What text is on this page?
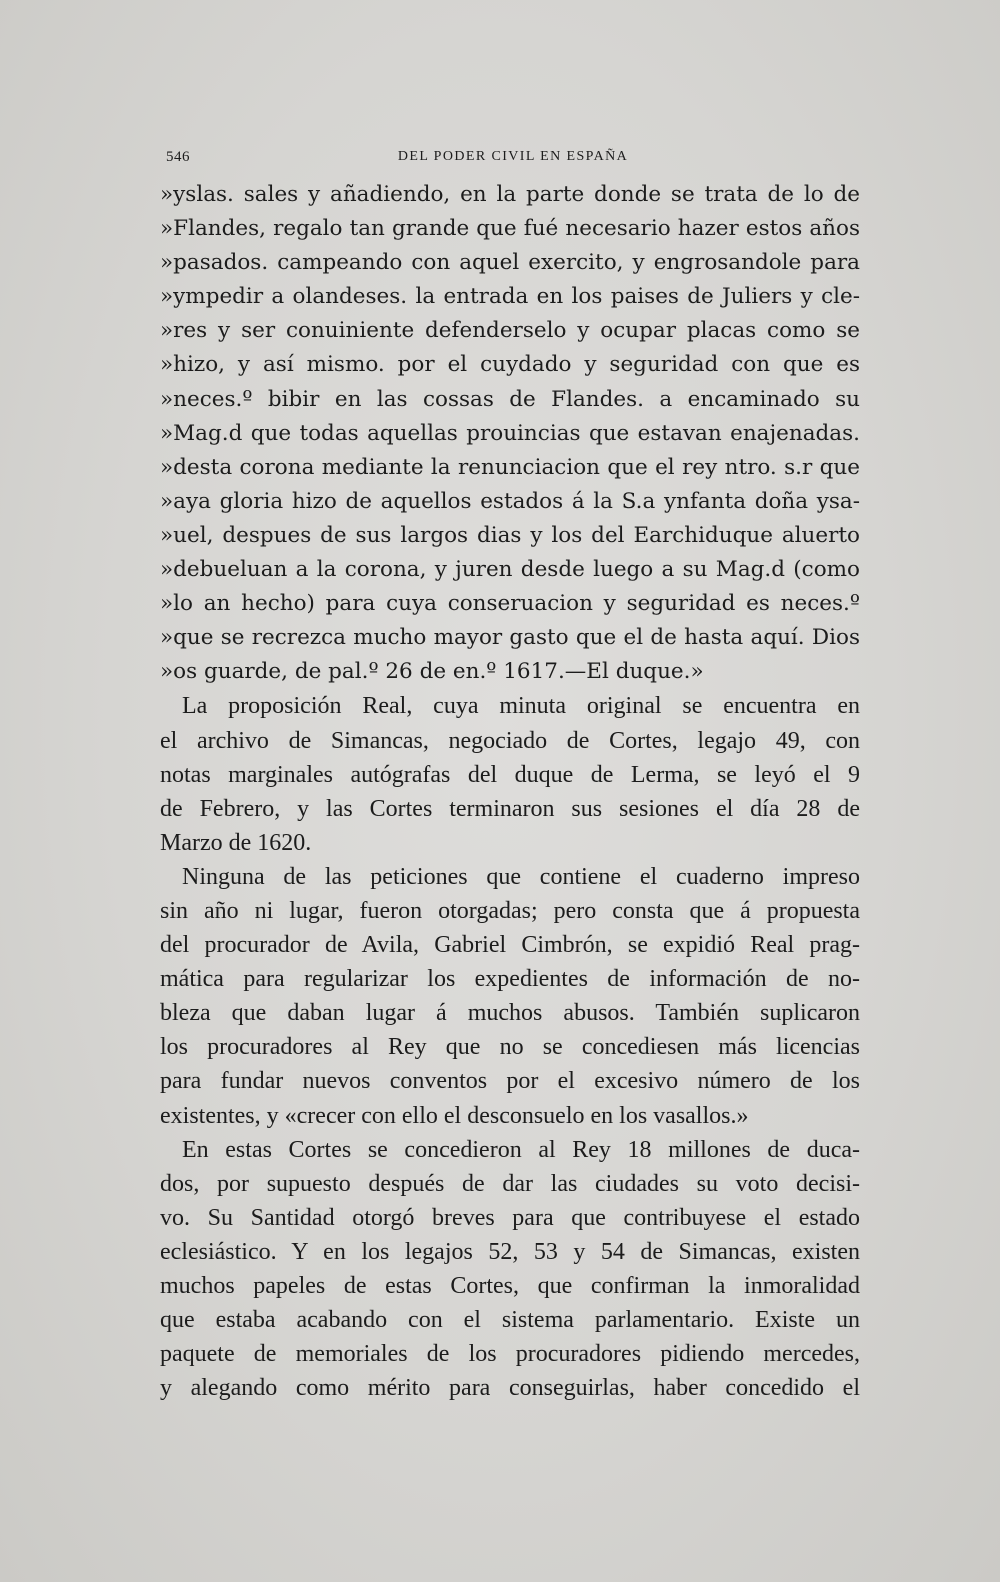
546	DEL PODER CIVIL EN ESPAÑA
»yslas. sales y añadiendo, en la parte donde se trata de lo de
»Flandes, regalo tan grande que fué necesario hazer estos años
»pasados. campeando con aquel exercito, y engrosandole para
»ympedir a olandeses. la entrada en los paises de Juliers y cle-
»res y ser conuiniente defenderselo y ocupar placas como se
»hizo, y así mismo. por el cuydado y seguridad con que es
»neces.º bibir en las cossas de Flandes. a encaminado su
»Mag.d que todas aquellas prouincias que estavan enajenadas.
»desta corona mediante la renunciacion que el rey ntro. s.r que
»aya gloria hizo de aquellos estados á la S.a ynfanta doña ysa-
»uel, despues de sus largos dias y los del Earchiduque aluerto
»debueluan a la corona, y juren desde luego a su Mag.d (como
»lo an hecho) para cuya conseruacion y seguridad es neces.º
»que se recrezca mucho mayor gasto que el de hasta aquí. Dios
»os guarde, de pal.º 26 de en.º 1617.—El duque.»
La proposición Real, cuya minuta original se encuentra en
el archivo de Simancas, negociado de Cortes, legajo 49, con
notas marginales autógrafas del duque de Lerma, se leyó el 9
de Febrero, y las Cortes terminaron sus sesiones el día 28 de
Marzo de 1620.
Ninguna de las peticiones que contiene el cuaderno impreso
sin año ni lugar, fueron otorgadas; pero consta que á propuesta
del procurador de Avila, Gabriel Cimbrón, se expidió Real prag-
mática para regularizar los expedientes de información de no-
bleza que daban lugar á muchos abusos. También suplicaron
los procuradores al Rey que no se concediesen más licencias
para fundar nuevos conventos por el excesivo número de los
existentes, y «crecer con ello el desconsuelo en los vasallos.»
En estas Cortes se concedieron al Rey 18 millones de duca-
dos, por supuesto después de dar las ciudades su voto decisi-
vo. Su Santidad otorgó breves para que contribuyese el estado
eclesiástico. Y en los legajos 52, 53 y 54 de Simancas, existen
muchos papeles de estas Cortes, que confirman la inmoralidad
que estaba acabando con el sistema parlamentario. Existe un
paquete de memoriales de los procuradores pidiendo mercedes,
y alegando como mérito para conseguirlas, haber concedido el
